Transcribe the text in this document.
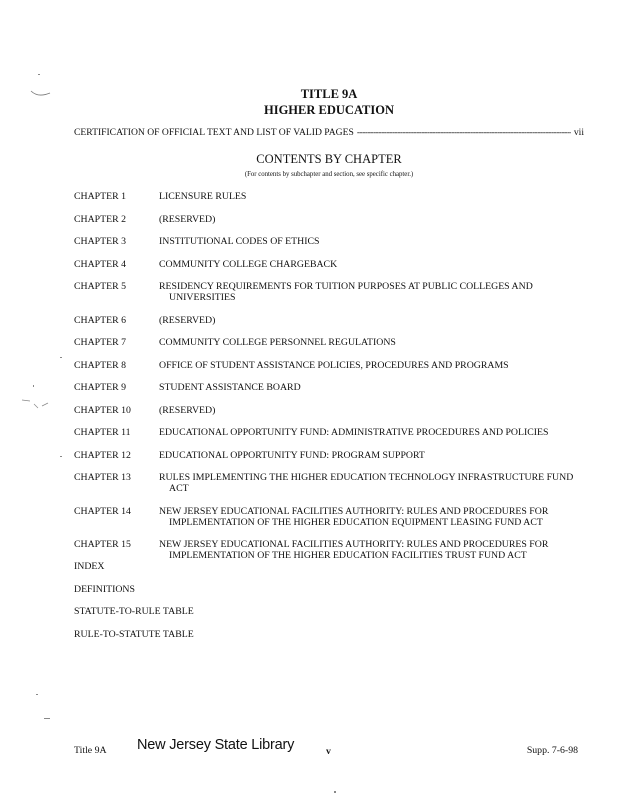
TITLE 9A
HIGHER EDUCATION
CERTIFICATION OF OFFICIAL TEXT AND LIST OF VALID PAGES
-----	vii
CONTENTS BY CHAPTER
(For contents by subchapter and section, see specific chapter.)
CHAPTER 1	LICENSURE RULES
CHAPTER 2	(RESERVED)
CHAPTER 3	INSTITUTIONAL CODES OF ETHICS
CHAPTER 4	COMMUNITY COLLEGE CHARGEBACK
CHAPTER 5	RESIDENCY REQUIREMENTS FOR TUITION PURPOSES AT PUBLIC COLLEGES AND UNIVERSITIES
CHAPTER 6	(RESERVED)
CHAPTER 7	COMMUNITY COLLEGE PERSONNEL REGULATIONS
CHAPTER 8	OFFICE OF STUDENT ASSISTANCE POLICIES, PROCEDURES AND PROGRAMS
CHAPTER 9	STUDENT ASSISTANCE BOARD
CHAPTER 10	(RESERVED)
CHAPTER 11	EDUCATIONAL OPPORTUNITY FUND: ADMINISTRATIVE PROCEDURES AND POLICIES
CHAPTER 12	EDUCATIONAL OPPORTUNITY FUND: PROGRAM SUPPORT
CHAPTER 13	RULES IMPLEMENTING THE HIGHER EDUCATION TECHNOLOGY INFRASTRUCTURE FUND ACT
CHAPTER 14	NEW JERSEY EDUCATIONAL FACILITIES AUTHORITY: RULES AND PROCEDURES FOR IMPLEMENTATION OF THE HIGHER EDUCATION EQUIPMENT LEASING FUND ACT
CHAPTER 15	NEW JERSEY EDUCATIONAL FACILITIES AUTHORITY: RULES AND PROCEDURES FOR IMPLEMENTATION OF THE HIGHER EDUCATION FACILITIES TRUST FUND ACT
INDEX
DEFINITIONS
STATUTE-TO-RULE TABLE
RULE-TO-STATUTE TABLE
Title 9A New Jersey State Library	v	Supp. 7-6-98
